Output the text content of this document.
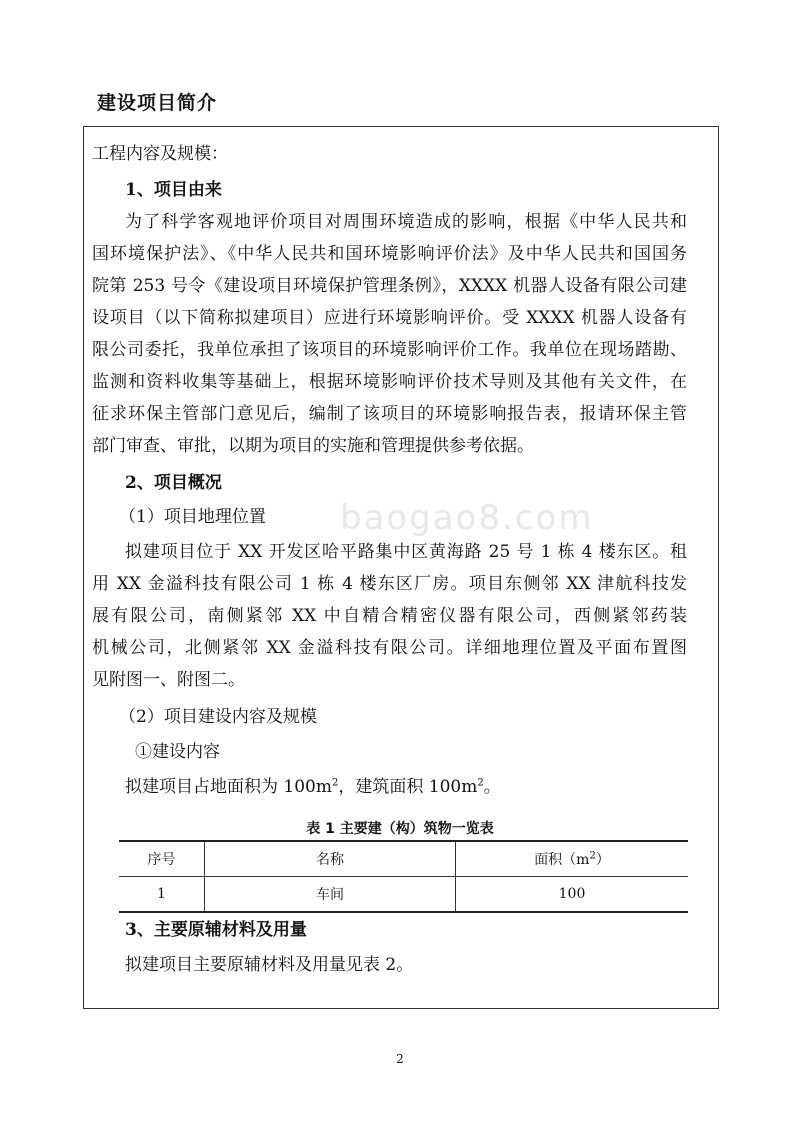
建设项目简介
baogao8.com
工程内容及规模：
1、项目由来
为了科学客观地评价项目对周围环境造成的影响，根据《中华人民共和
国环境保护法》、《中华人民共和国环境影响评价法》及中华人民共和国国务
院第 253 号令《建设项目环境保护管理条例》，XXXX 机器人设备有限公司建
设项目（以下简称拟建项目）应进行环境影响评价。受 XXXX 机器人设备有
限公司委托，我单位承担了该项目的环境影响评价工作。我单位在现场踏勘、
监测和资料收集等基础上，根据环境影响评价技术导则及其他有关文件，在
征求环保主管部门意见后，编制了该项目的环境影响报告表，报请环保主管
部门审查、审批，以期为项目的实施和管理提供参考依据。
2、项目概况
（1）项目地理位置
拟建项目位于 XX 开发区哈平路集中区黄海路 25 号 1 栋 4 楼东区。租
用 XX 金溢科技有限公司 1 栋 4 楼东区厂房。项目东侧邻 XX 津航科技发
展有限公司，南侧紧邻 XX 中自精合精密仪器有限公司，西侧紧邻药装
机械公司，北侧紧邻 XX 金溢科技有限公司。详细地理位置及平面布置图
见附图一、附图二。
（2）项目建设内容及规模
①建设内容
拟建项目占地面积为 $100m^2$，建筑面积 $100m^2$。
表 1 主要建（构）筑物一览表
序号	名称	面积$(m^2)$
1	车间	100
3、主要原辅材料及用量
拟建项目主要原辅材料及用量见表 2。
2
